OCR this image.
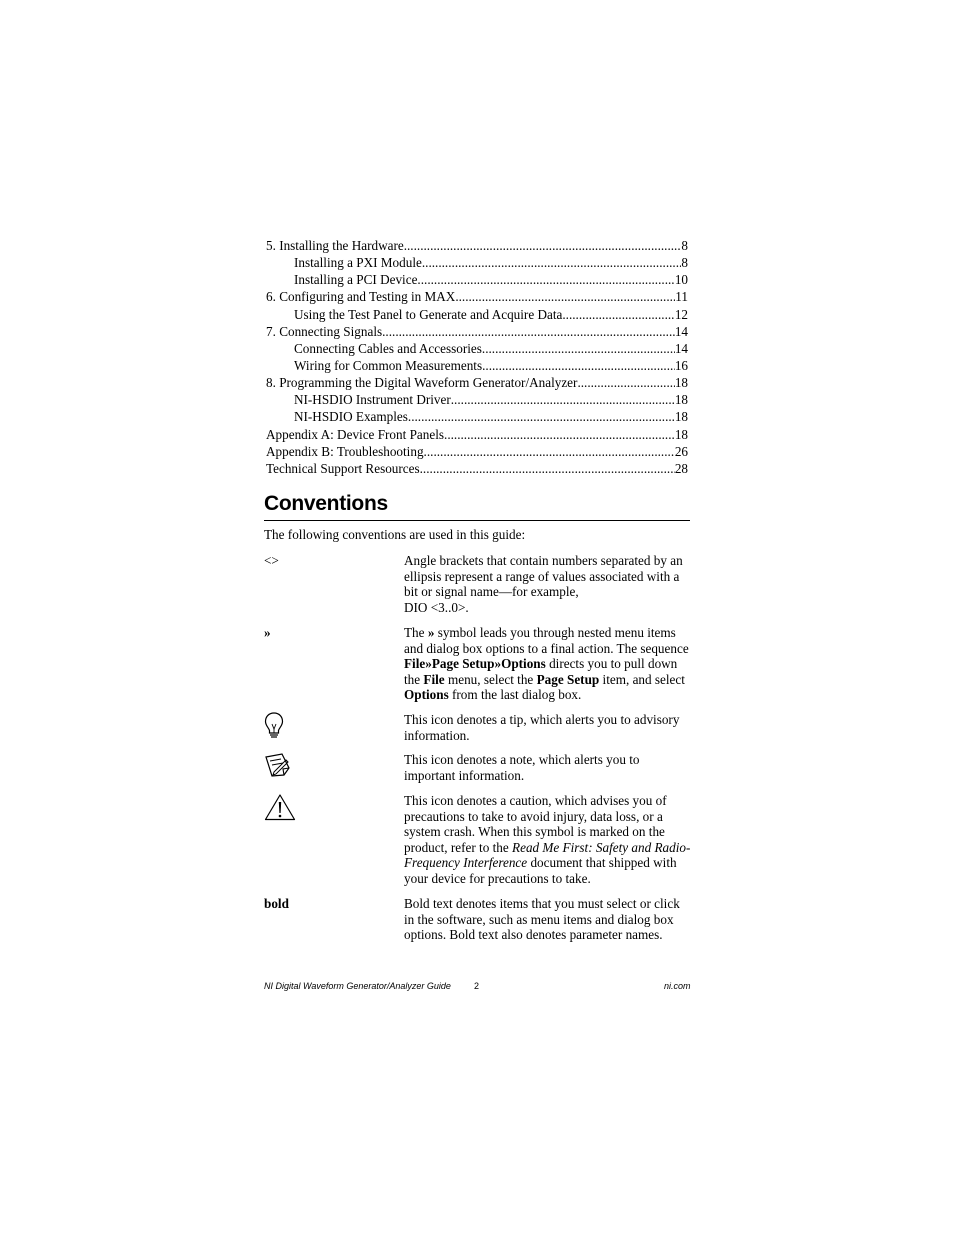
5. Installing the Hardware .....	8
Installing a PXI Module .....	8
Installing a PCI Device .....	10
6. Configuring and Testing in MAX .....	11
Using the Test Panel to Generate and Acquire Data .....	12
7. Connecting Signals .....	14
Connecting Cables and Accessories .....	14
Wiring for Common Measurements .....	16
8. Programming the Digital Waveform Generator/Analyzer .....	18
NI-HSDIO Instrument Driver .....	18
NI-HSDIO Examples .....	18
Appendix A: Device Front Panels .....	18
Appendix B: Troubleshooting .....	26
Technical Support Resources .....	28
Conventions
The following conventions are used in this guide:
<>	Angle brackets that contain numbers separated by an ellipsis represent a range of values associated with a bit or signal name—for example,
DIO <3..0>.
»	The » symbol leads you through nested menu items and dialog box options to a final action. The sequence File»Page Setup»Options directs you to pull down the File menu, select the Page Setup item, and select Options from the last dialog box.
This icon denotes a tip, which alerts you to advisory information.
This icon denotes a note, which alerts you to important information.
This icon denotes a caution, which advises you of precautions to take to avoid injury, data loss, or a system crash. When this symbol is marked on the product, refer to the Read Me First: Safety and Radio-Frequency Interference document that shipped with your device for precautions to take.
bold	Bold text denotes items that you must select or click in the software, such as menu items and dialog box options. Bold text also denotes parameter names.
NI Digital Waveform Generator/Analyzer Guide	2	ni.com
